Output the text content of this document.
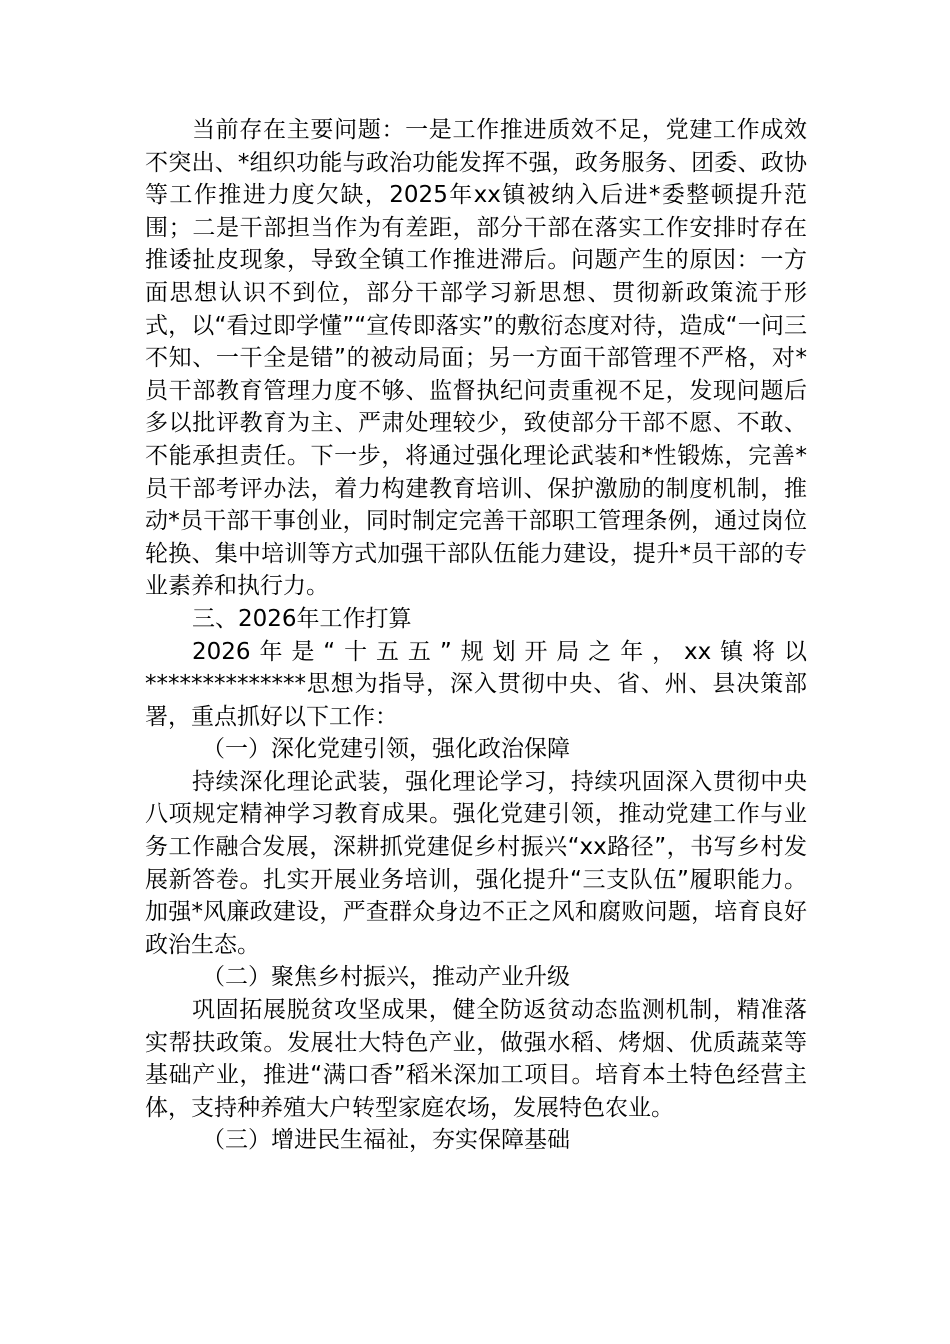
当前存在主要问题：一是工作推进质效不足，党建工作成效不突出、*组织功能与政治功能发挥不强，政务服务、团委、政协等工作推进力度欠缺，2025年xx镇被纳入后进*委整顿提升范围；二是干部担当作为有差距，部分干部在落实工作安排时存在推诿扯皮现象，导致全镇工作推进滞后。问题产生的原因：一方面思想认识不到位，部分干部学习新思想、贯彻新政策流于形式，以“看过即学懂”“宣传即落实”的敷衍态度对待，造成“一问三不知、一干全是错”的被动局面；另一方面干部管理不严格，对*员干部教育管理力度不够、监督执纪问责重视不足，发现问题后多以批评教育为主、严肃处理较少，致使部分干部不愿、不敢、不能承担责任。下一步，将通过强化理论武装和*性锻炼，完善*员干部考评办法，着力构建教育培训、保护激励的制度机制，推动*员干部干事创业，同时制定完善干部职工管理条例，通过岗位轮换、集中培训等方式加强干部队伍能力建设，提升*员干部的专业素养和执行力。

三、2026年工作打算

2026年是“十五五”规划开局之年，xx镇将以**************思想为指导，深入贯彻中央、省、州、县决策部署，重点抓好以下工作：

（一）深化党建引领，强化政治保障

持续深化理论武装，强化理论学习，持续巩固深入贯彻中央八项规定精神学习教育成果。强化党建引领，推动党建工作与业务工作融合发展，深耕抓党建促乡村振兴“xx路径”，书写乡村发展新答卷。扎实开展业务培训，强化提升“三支队伍”履职能力。加强*风廉政建设，严查群众身边不正之风和腐败问题，培育良好政治生态。

（二）聚焦乡村振兴，推动产业升级

巩固拓展脱贫攻坚成果，健全防返贫动态监测机制，精准落实帮扶政策。发展壮大特色产业，做强水稻、烤烟、优质蔬菜等基础产业，推进“满口香”稻米深加工项目。培育本土特色经营主体，支持种养殖大户转型家庭农场，发展特色农业。

（三）增进民生福祉，夯实保障基础
